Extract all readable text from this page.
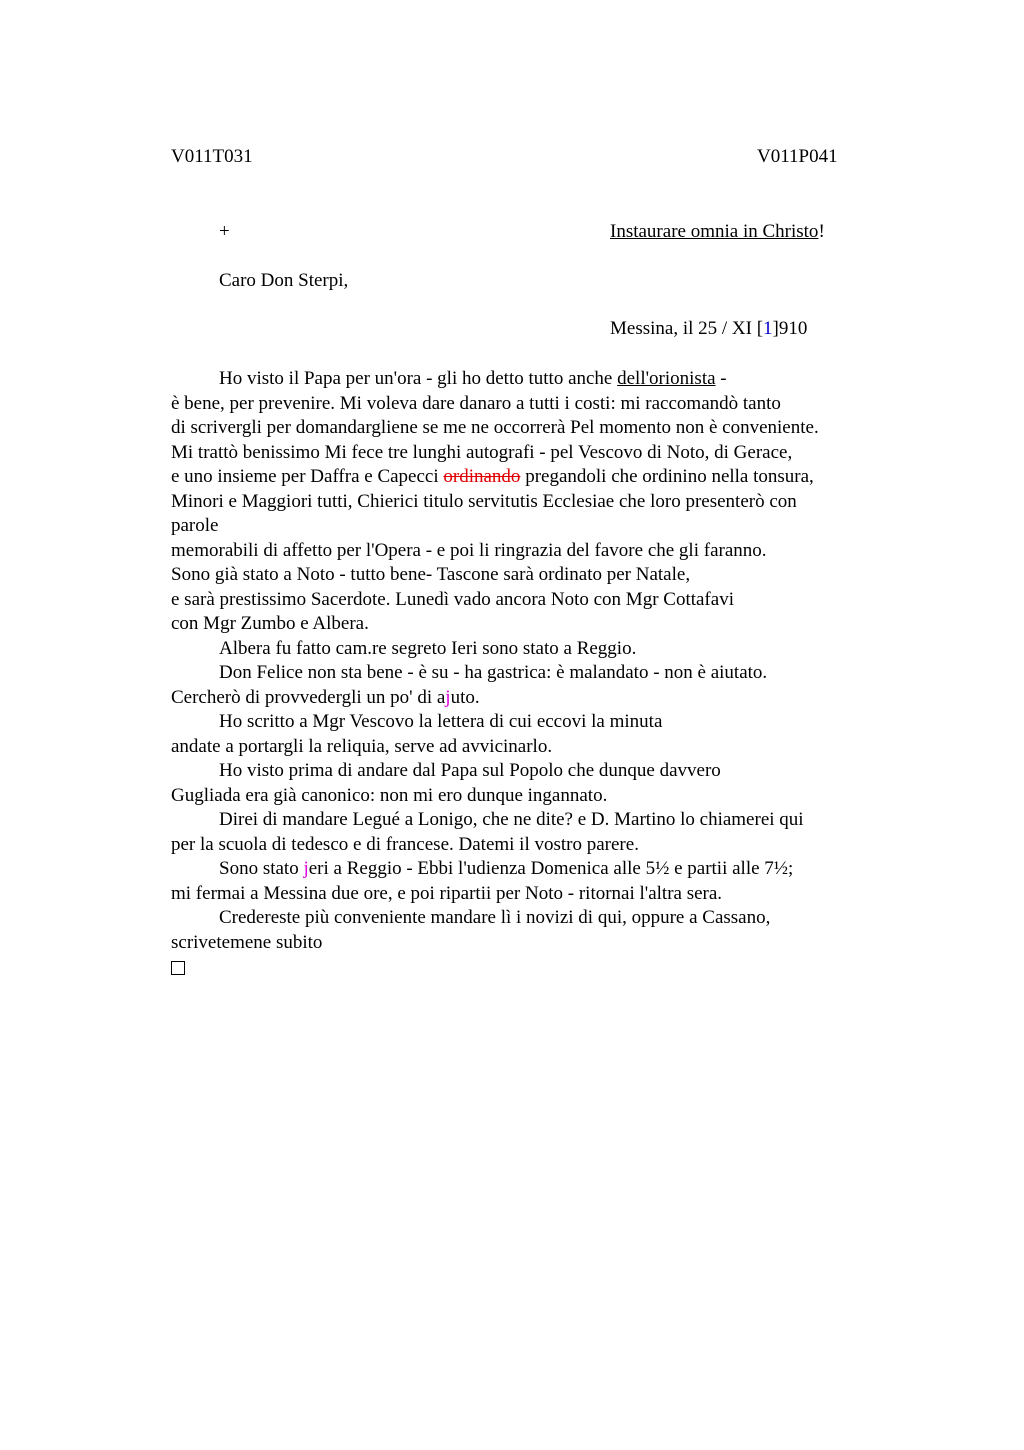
V011T031	V011P041
+	Instaurare omnia in Christo!
Caro Don Sterpi,
Messina, il 25 / XI [1]910
Ho visto il Papa per un'ora - gli ho detto tutto anche dell'orionista -
è bene, per prevenire. Mi voleva dare danaro a tutti i costi: mi raccomandò tanto
di scrivergli per domandargliene se me ne occorrerà Pel momento non è conveniente.
Mi trattò benissimo Mi fece tre lunghi autografi - pel Vescovo di Noto, di Gerace,
e uno insieme per Daffra e Capecci ordinando pregandoli che ordinino nella tonsura,
Minori e Maggiori tutti, Chierici titulo servitutis Ecclesiae che loro presenterò con
parole
memorabili di affetto per l'Opera - e poi li ringrazia del favore che gli faranno.
Sono già stato a Noto - tutto bene- Tascone sarà ordinato per Natale,
e sarà prestissimo Sacerdote. Lunedì vado ancora Noto con Mgr Cottafavi
con Mgr Zumbo e Albera.
Albera fu fatto cam.re segreto Ieri sono stato a Reggio.
Don Felice non sta bene - è su - ha gastrica: è malandato - non è aiutato.
Cercherò di provvedergli un po' di ajuto.
Ho scritto a Mgr Vescovo la lettera di cui eccovi la minuta
andate a portargli la reliquia, serve ad avvicinarlo.
Ho visto prima di andare dal Papa sul Popolo che dunque davvero
Gugliada era già canonico: non mi ero dunque ingannato.
Direi di mandare Legué a Lonigo, che ne dite? e D. Martino lo chiamerei qui
per la scuola di tedesco e di francese. Datemi il vostro parere.
Sono stato jeri a Reggio - Ebbi l'udienza Domenica alle 5½ e partii alle 7½;
mi fermai a Messina due ore, e poi ripartii per Noto - ritornai l'altra sera.
Credereste più conveniente mandare lì i novizi di qui, oppure a Cassano,
scrivetemene subito
